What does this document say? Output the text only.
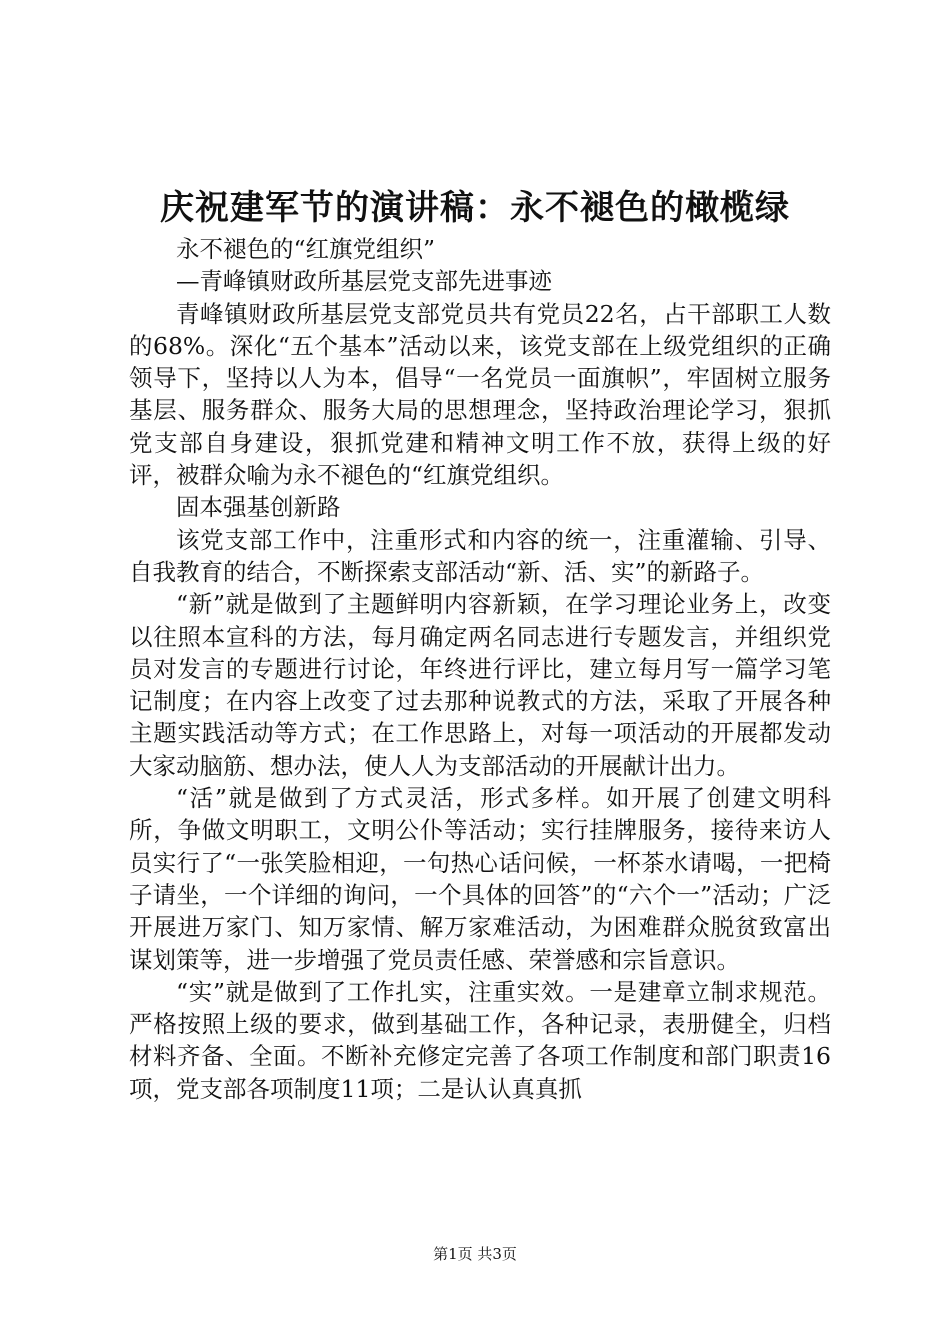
庆祝建军节的演讲稿：永不褪色的橄榄绿

永不褪色的“红旗党组织”

—青峰镇财政所基层党支部先进事迹

青峰镇财政所基层党支部党员共有党员22名，占干部职工人数的68%。深化“五个基本”活动以来，该党支部在上级党组织的正确领导下，坚持以人为本，倡导“一名党员一面旗帜”，牢固树立服务基层、服务群众、服务大局的思想理念，坚持政治理论学习，狠抓党支部自身建设，狠抓党建和精神文明工作不放，获得上级的好评，被群众喻为永不褪色的“红旗党组织。

固本强基创新路

该党支部工作中，注重形式和内容的统一，注重灌输、引导、自我教育的结合，不断探索支部活动“新、活、实”的新路子。

“新”就是做到了主题鲜明内容新颖，在学习理论业务上，改变以往照本宣科的方法，每月确定两名同志进行专题发言，并组织党员对发言的专题进行讨论，年终进行评比，建立每月写一篇学习笔记制度；在内容上改变了过去那种说教式的方法，采取了开展各种主题实践活动等方式；在工作思路上，对每一项活动的开展都发动大家动脑筋、想办法，使人人为支部活动的开展献计出力。

“活”就是做到了方式灵活，形式多样。如开展了创建文明科所，争做文明职工，文明公仆等活动；实行挂牌服务，接待来访人员实行了“一张笑脸相迎，一句热心话问候，一杯茶水请喝，一把椅子请坐，一个详细的询问，一个具体的回答”的“六个一”活动；广泛开展进万家门、知万家情、解万家难活动，为困难群众脱贫致富出谋划策等，进一步增强了党员责任感、荣誉感和宗旨意识。

“实”就是做到了工作扎实，注重实效。一是建章立制求规范。严格按照上级的要求，做到基础工作，各种记录，表册健全，归档材料齐备、全面。不断补充修定完善了各项工作制度和部门职责16项，党支部各项制度11项；二是认认真真抓

第1页 共3页
